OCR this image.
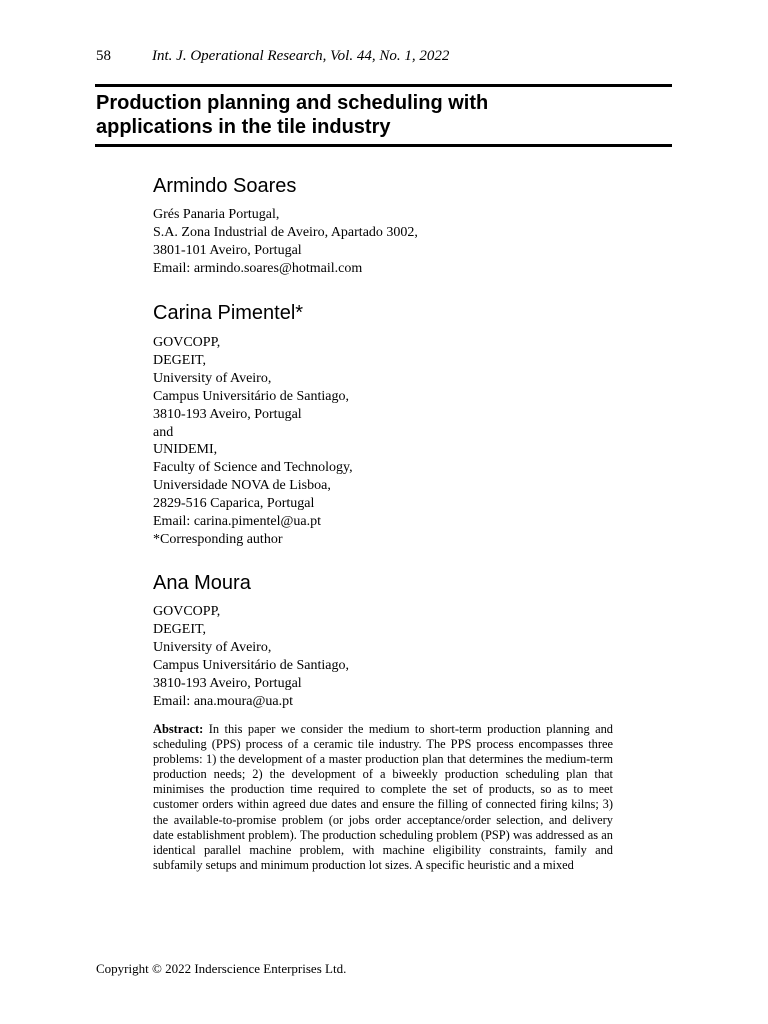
58	Int. J. Operational Research, Vol. 44, No. 1, 2022
Production planning and scheduling with
applications in the tile industry
Armindo Soares
Grés Panaria Portugal,
S.A. Zona Industrial de Aveiro, Apartado 3002,
3801-101 Aveiro, Portugal
Email: armindo.soares@hotmail.com
Carina Pimentel*
GOVCOPP,
DEGEIT,
University of Aveiro,
Campus Universitário de Santiago,
3810-193 Aveiro, Portugal
and
UNIDEMI,
Faculty of Science and Technology,
Universidade NOVA de Lisboa,
2829-516 Caparica, Portugal
Email: carina.pimentel@ua.pt
*Corresponding author
Ana Moura
GOVCOPP,
DEGEIT,
University of Aveiro,
Campus Universitário de Santiago,
3810-193 Aveiro, Portugal
Email: ana.moura@ua.pt

Abstract: In this paper we consider the medium to short-term production planning and scheduling (PPS) process of a ceramic tile industry. The PPS process encompasses three problems: 1) the development of a master production plan that determines the medium-term production needs; 2) the development of a biweekly production scheduling plan that minimises the production time required to complete the set of products, so as to meet customer orders within agreed due dates and ensure the filling of connected firing kilns; 3) the available-to-promise problem (or jobs order acceptance/order selection, and delivery date establishment problem). The production scheduling problem (PSP) was addressed as an identical parallel machine problem, with machine eligibility constraints, family and subfamily setups and minimum production lot sizes. A specific heuristic and a mixed

Copyright © 2022 Inderscience Enterprises Ltd.
